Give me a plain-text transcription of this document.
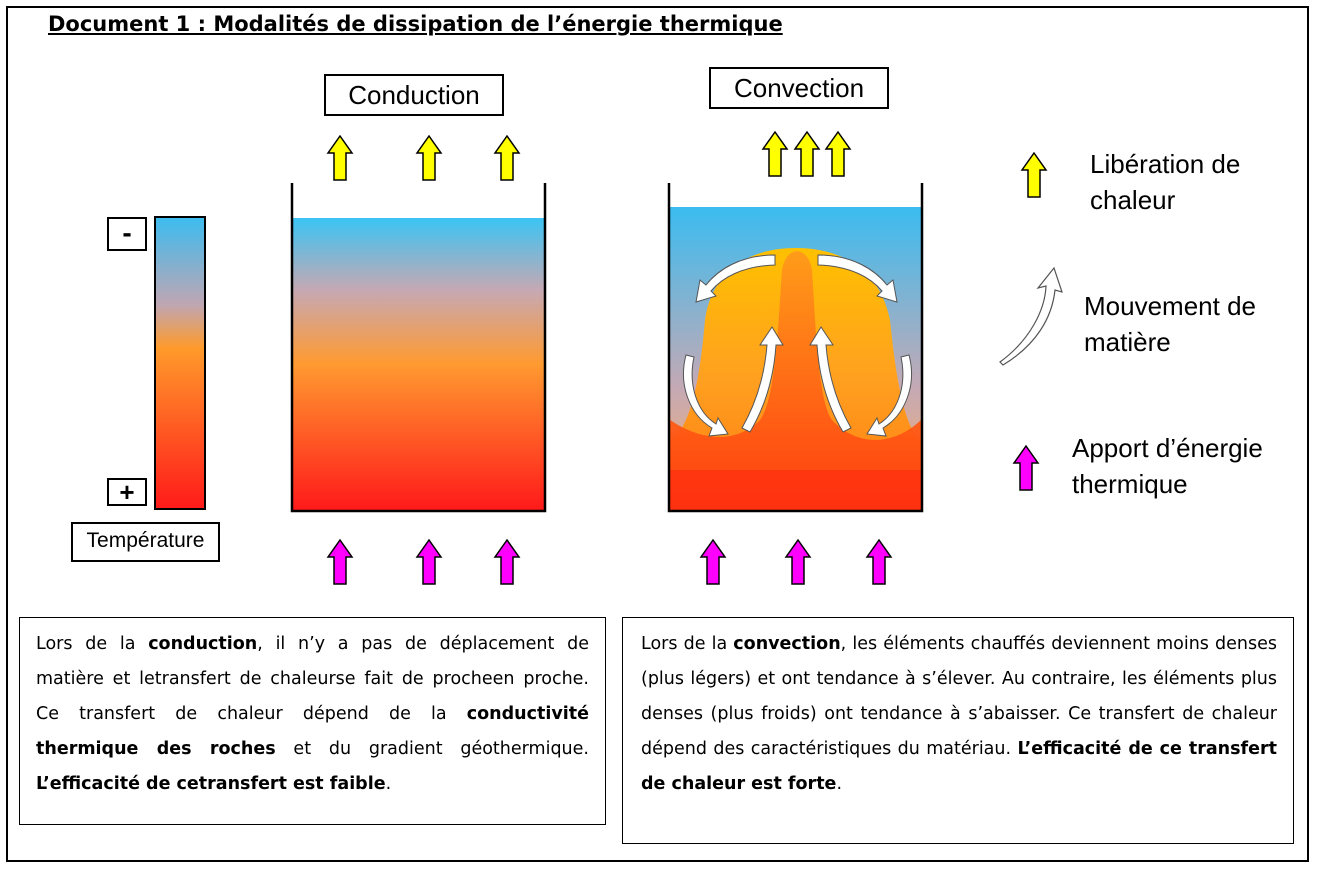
Document 1 : Modalités de dissipation de l’énergie thermique
Conduction	Convection
-
+
Température
Libération de chaleur
Mouvement de matière
Apport d’énergie thermique
Lors de la conduction, il n’y a pas de déplacement de matière et letransfert de chaleurse fait de procheen proche. Ce transfert de chaleur dépend de la conductivité thermique des roches et du gradient géothermique. L’efficacité de cetransfert est faible.
Lors de la convection, les éléments chauffés deviennent moins denses (plus légers) et ont tendance à s’élever. Au contraire, les éléments plus denses (plus froids) ont tendance à s’abaisser. Ce transfert de chaleur dépend des caractéristiques du matériau. L’efficacité de ce transfert de chaleur est forte.
